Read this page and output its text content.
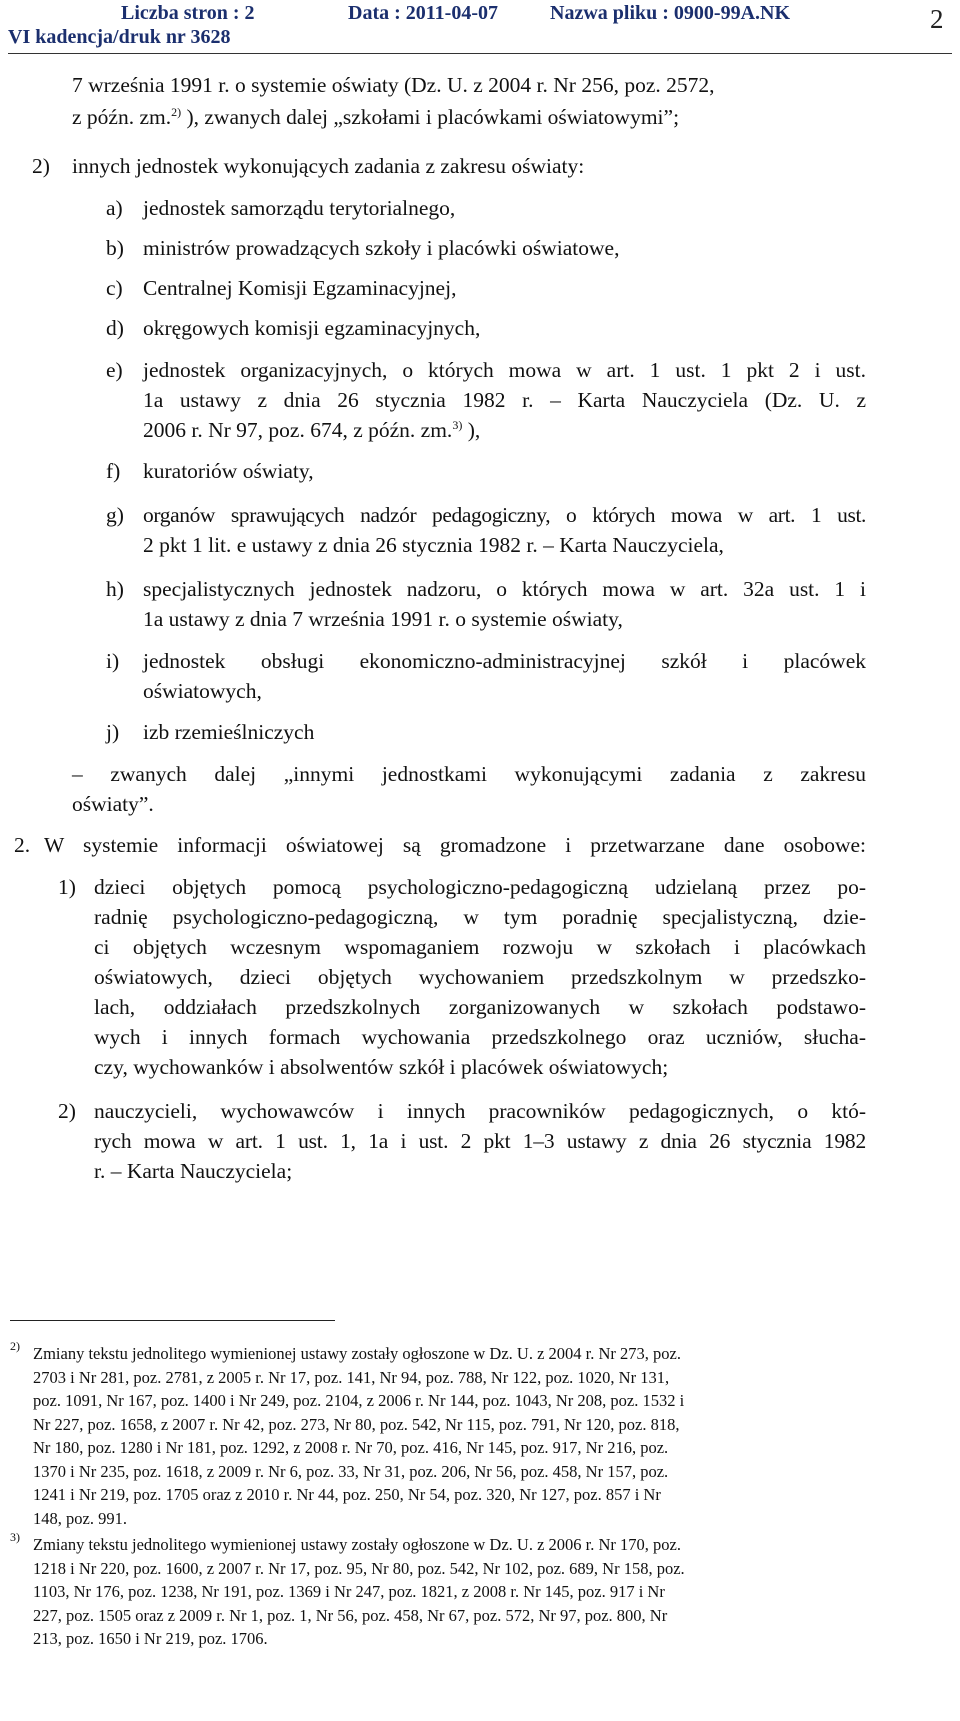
Liczba stron : 2	Data : 2011-04-07	Nazwa pliku : 0900-99A.NK
VI kadencja/druk nr 3628
2
7 września 1991 r. o systemie oświaty (Dz. U. z 2004 r. Nr 256, poz. 2572,
z późn. zm.$^{2)}$ ), zwanych dalej „szkołami i placówkami oświatowymi”;
2) innych jednostek wykonujących zadania z zakresu oświaty:
a) jednostek samorządu terytorialnego,
b) ministrów prowadzących szkoły i placówki oświatowe,
c) Centralnej Komisji Egzaminacyjnej,
d) okręgowych komisji egzaminacyjnych,
e) jednostek organizacyjnych, o których mowa w art. 1 ust. 1 pkt 2 i ust.
1a ustawy z dnia 26 stycznia 1982 r. – Karta Nauczyciela (Dz. U. z
2006 r. Nr 97, poz. 674, z późn. zm.$^{3)}$ ),
f) kuratoriów oświaty,
g) organów sprawujących nadzór pedagogiczny, o których mowa w art. 1 ust.
2 pkt 1 lit. e ustawy z dnia 26 stycznia 1982 r. – Karta Nauczyciela,
h) specjalistycznych jednostek nadzoru, o których mowa w art. 32a ust. 1 i
1a ustawy z dnia 7 września 1991 r. o systemie oświaty,
i) jednostek obsługi ekonomiczno-administracyjnej szkół i placówek
oświatowych,
j) izb rzemieślniczych
– zwanych dalej „innymi jednostkami wykonującymi zadania z zakresu
oświaty”.
2. W systemie informacji oświatowej są gromadzone i przetwarzane dane osobowe:
1) dzieci objętych pomocą psychologiczno-pedagogiczną udzielaną przez po-
radnię psychologiczno-pedagogiczną, w tym poradnię specjalistyczną, dzie-
ci objętych wczesnym wspomaganiem rozwoju w szkołach i placówkach
oświatowych, dzieci objętych wychowaniem przedszkolnym w przedszko-
lach, oddziałach przedszkolnych zorganizowanych w szkołach podstawo-
wych i innych formach wychowania przedszkolnego oraz uczniów, słucha-
czy, wychowanków i absolwentów szkół i placówek oświatowych;
2) nauczycieli, wychowawców i innych pracowników pedagogicznych, o któ-
rych mowa w art. 1 ust. 1, 1a i ust. 2 pkt 1–3 ustawy z dnia 26 stycznia 1982
r. – Karta Nauczyciela;
2) Zmiany tekstu jednolitego wymienionej ustawy zostały ogłoszone w Dz. U. z 2004 r. Nr 273, poz.
2703 i Nr 281, poz. 2781, z 2005 r. Nr 17, poz. 141, Nr 94, poz. 788, Nr 122, poz. 1020, Nr 131,
poz. 1091, Nr 167, poz. 1400 i Nr 249, poz. 2104, z 2006 r. Nr 144, poz. 1043, Nr 208, poz. 1532 i
Nr 227, poz. 1658, z 2007 r. Nr 42, poz. 273, Nr 80, poz. 542, Nr 115, poz. 791, Nr 120, poz. 818,
Nr 180, poz. 1280 i Nr 181, poz. 1292, z 2008 r. Nr 70, poz. 416, Nr 145, poz. 917, Nr 216, poz.
1370 i Nr 235, poz. 1618, z 2009 r. Nr 6, poz. 33, Nr 31, poz. 206, Nr 56, poz. 458, Nr 157, poz.
1241 i Nr 219, poz. 1705 oraz z 2010 r. Nr 44, poz. 250, Nr 54, poz. 320, Nr 127, poz. 857 i Nr
148, poz. 991.
3) Zmiany tekstu jednolitego wymienionej ustawy zostały ogłoszone w Dz. U. z 2006 r. Nr 170, poz.
1218 i Nr 220, poz. 1600, z 2007 r. Nr 17, poz. 95, Nr 80, poz. 542, Nr 102, poz. 689, Nr 158, poz.
1103, Nr 176, poz. 1238, Nr 191, poz. 1369 i Nr 247, poz. 1821, z 2008 r. Nr 145, poz. 917 i Nr
227, poz. 1505 oraz z 2009 r. Nr 1, poz. 1, Nr 56, poz. 458, Nr 67, poz. 572, Nr 97, poz. 800, Nr
213, poz. 1650 i Nr 219, poz. 1706.
